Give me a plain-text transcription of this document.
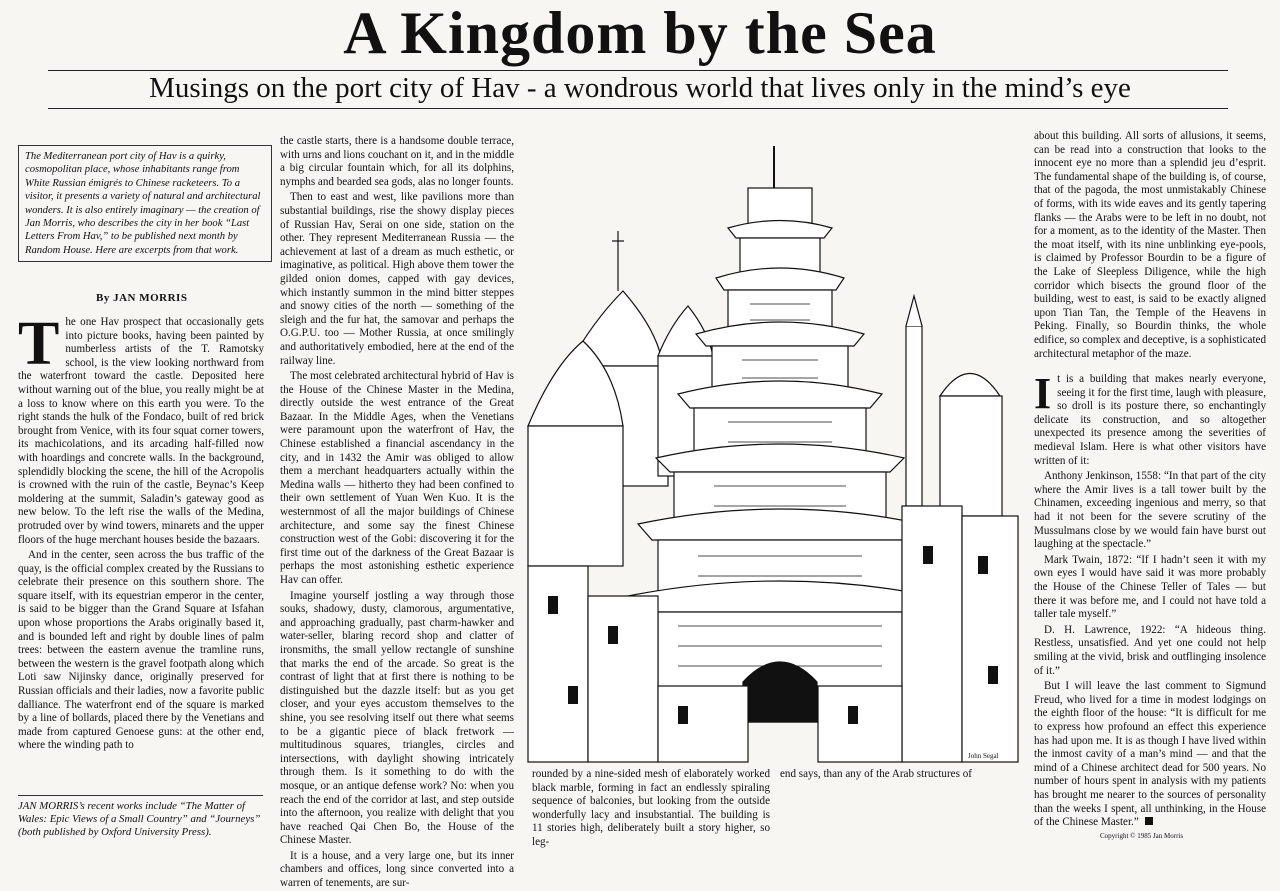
A Kingdom by the Sea
Musings on the port city of Hav - a wondrous world that lives only in the mind’s eye
The Mediterranean port city of Hav is a quirky, cosmopolitan place, whose inhabitants range from White Russian émigrés to Chinese racketeers. To a visitor, it presents a variety of natural and architectural wonders. It is also entirely imaginary — the creation of Jan Morris, who describes the city in her book “Last Letters From Hav,” to be published next month by Random House. Here are excerpts from that work.
By JAN MORRIS

The one Hav prospect that occasionally gets into picture books, having been painted by numberless artists of the T. Ramotsky school, is the view looking northward from the waterfront toward the castle. Deposited here without warning out of the blue, you really might be at a loss to know where on this earth you were. To the right stands the hulk of the Fondaco, built of red brick brought from Venice, with its four squat corner towers, its machicolations, and its arcading half-filled now with hoardings and concrete walls. In the background, splendidly blocking the scene, the hill of the Acropolis is crowned with the ruin of the castle, Beynac’s Keep moldering at the summit, Saladin’s gateway good as new below. To the left rise the walls of the Medina, protruded over by wind towers, minarets and the upper floors of the huge merchant houses beside the bazaars.

And in the center, seen across the bus traffic of the quay, is the official complex created by the Russians to celebrate their presence on this southern shore. The square itself, with its equestrian emperor in the center, is said to be bigger than the Grand Square at Isfahan upon whose proportions the Arabs originally based it, and is bounded left and right by double lines of palm trees: between the eastern avenue the tramline runs, between the western is the gravel footpath along which Loti saw Nijinsky dance, originally preserved for Russian officials and their ladies, now a favorite public dalliance. The waterfront end of the square is marked by a line of bollards, placed there by the Venetians and made from captured Genoese guns: at the other end, where the winding path to

JAN MORRIS’s recent works include “The Matter of Wales: Epic Views of a Small Country” and “Journeys” (both published by Oxford University Press).

the castle starts, there is a handsome double terrace, with urns and lions couchant on it, and in the middle a big circular fountain which, for all its dolphins, nymphs and bearded sea gods, alas no longer founts.

Then to east and west, like pavilions more than substantial buildings, rise the showy display pieces of Russian Hav, Serai on one side, station on the other. They represent Mediterranean Russia — the achievement at last of a dream as much esthetic, or imaginative, as political. High above them tower the gilded onion domes, capped with gay devices, which instantly summon in the mind bitter steppes and snowy cities of the north — something of the sleigh and the fur hat, the samovar and perhaps the O.G.P.U. too — Mother Russia, at once smilingly and authoritatively embodied, here at the end of the railway line.

The most celebrated architectural hybrid of Hav is the House of the Chinese Master in the Medina, directly outside the west entrance of the Great Bazaar. In the Middle Ages, when the Venetians were paramount upon the waterfront of Hav, the Chinese established a financial ascendancy in the city, and in 1432 the Amir was obliged to allow them a merchant headquarters actually within the Medina walls — hitherto they had been confined to their own settlement of Yuan Wen Kuo. It is the westernmost of all the major buildings of Chinese architecture, and some say the finest Chinese construction west of the Gobi: discovering it for the first time out of the darkness of the Great Bazaar is perhaps the most astonishing esthetic experience Hav can offer.

Imagine yourself jostling a way through those souks, shadowy, dusty, clamorous, argumentative, and approaching gradually, past charm-hawker and water-seller, blaring record shop and clatter of ironsmiths, the small yellow rectangle of sunshine that marks the end of the arcade. So great is the contrast of light that at first there is nothing to be distinguished but the dazzle itself: but as you get closer, and your eyes accustom themselves to the shine, you see resolving itself out there what seems to be a gigantic piece of black fretwork — multitudinous squares, triangles, circles and intersections, with daylight showing intricately through them. Is it something to do with the mosque, or an antique defense work? No: when you reach the end of the corridor at last, and step outside into the afternoon, you realize with delight that you have reached Qai Chen Bo, the House of the Chinese Master.

It is a house, and a very large one, but its inner chambers and offices, long since converted into a warren of tenements, are sur-

John Segal

rounded by a nine-sided mesh of elaborately worked black marble, forming in fact an endlessly spiraling sequence of balconies, but looking from the outside wonderfully lacy and insubstantial. The building is 11 stories high, deliberately built a story higher, so leg-

end says, than any of the Arab structures of

about this building. All sorts of allusions, it seems, can be read into a construction that looks to the innocent eye no more than a splendid jeu d’esprit. The fundamental shape of the building is, of course, that of the pagoda, the most unmistakably Chinese of forms, with its wide eaves and its gently tapering flanks — the Arabs were to be left in no doubt, not for a moment, as to the identity of the Master. Then the moat itself, with its nine unblinking eye-pools, is claimed by Professor Bourdin to be a figure of the Lake of Sleepless Diligence, while the high corridor which bisects the ground floor of the building, west to east, is said to be exactly aligned upon Tian Tan, the Temple of the Heavens in Peking. Finally, so Bourdin thinks, the whole edifice, so complex and deceptive, is a sophisticated architectural metaphor of the maze.

It is a building that makes nearly everyone, seeing it for the first time, laugh with pleasure, so droll is its posture there, so enchantingly delicate its construction, and so altogether unexpected its presence among the severities of medieval Islam. Here is what other visitors have written of it:

Anthony Jenkinson, 1558: “In that part of the city where the Amir lives is a tall tower built by the Chinamen, exceeding ingenious and merry, so that had it not been for the severe scrutiny of the Mussulmans close by we would fain have burst out laughing at the spectacle.”

Mark Twain, 1872: “If I hadn’t seen it with my own eyes I would have said it was more probably the House of the Chinese Teller of Tales — but there it was before me, and I could not have told a taller tale myself.”

D. H. Lawrence, 1922: “A hideous thing. Restless, unsatisfied. And yet one could not help smiling at the vivid, brisk and outflinging insolence of it.”

But I will leave the last comment to Sigmund Freud, who lived for a time in modest lodgings on the eighth floor of the house: “It is difficult for me to express how profound an effect this experience has had upon me. It is as though I have lived within the inmost cavity of a man’s mind — and that the mind of a Chinese architect dead for 500 years. No number of hours spent in analysis with my patients has brought me nearer to the sources of personality than the weeks I spent, all unthinking, in the House of the Chinese Master.”

Copyright © 1985 Jan Morris
